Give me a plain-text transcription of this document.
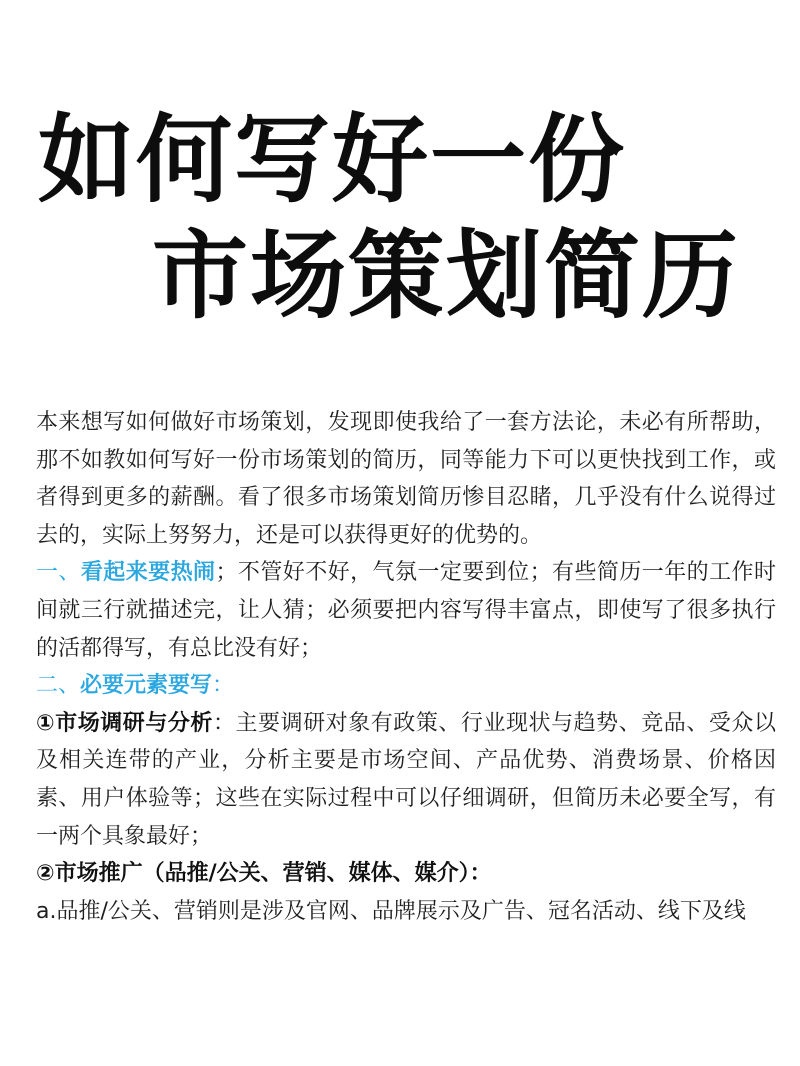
如何写好一份
市场策划简历

本来想写如何做好市场策划，发现即使我给了一套方法论，未必有所帮助，那不如教如何写好一份市场策划的简历，同等能力下可以更快找到工作，或者得到更多的薪酬。看了很多市场策划简历惨目忍睹，几乎没有什么说得过去的，实际上努努力，还是可以获得更好的优势的。

一、看起来要热闹；不管好不好，气氛一定要到位；有些简历一年的工作时间就三行就描述完，让人猜；必须要把内容写得丰富点，即使写了很多执行的活都得写，有总比没有好；

二、必要元素要写：

①市场调研与分析：主要调研对象有政策、行业现状与趋势、竞品、受众以及相关连带的产业，分析主要是市场空间、产品优势、消费场景、价格因素、用户体验等；这些在实际过程中可以仔细调研，但简历未必要全写，有一两个具象最好；

②市场推广（品推/公关、营销、媒体、媒介）：

a.品推/公关、营销则是涉及官网、品牌展示及广告、冠名活动、线下及线
